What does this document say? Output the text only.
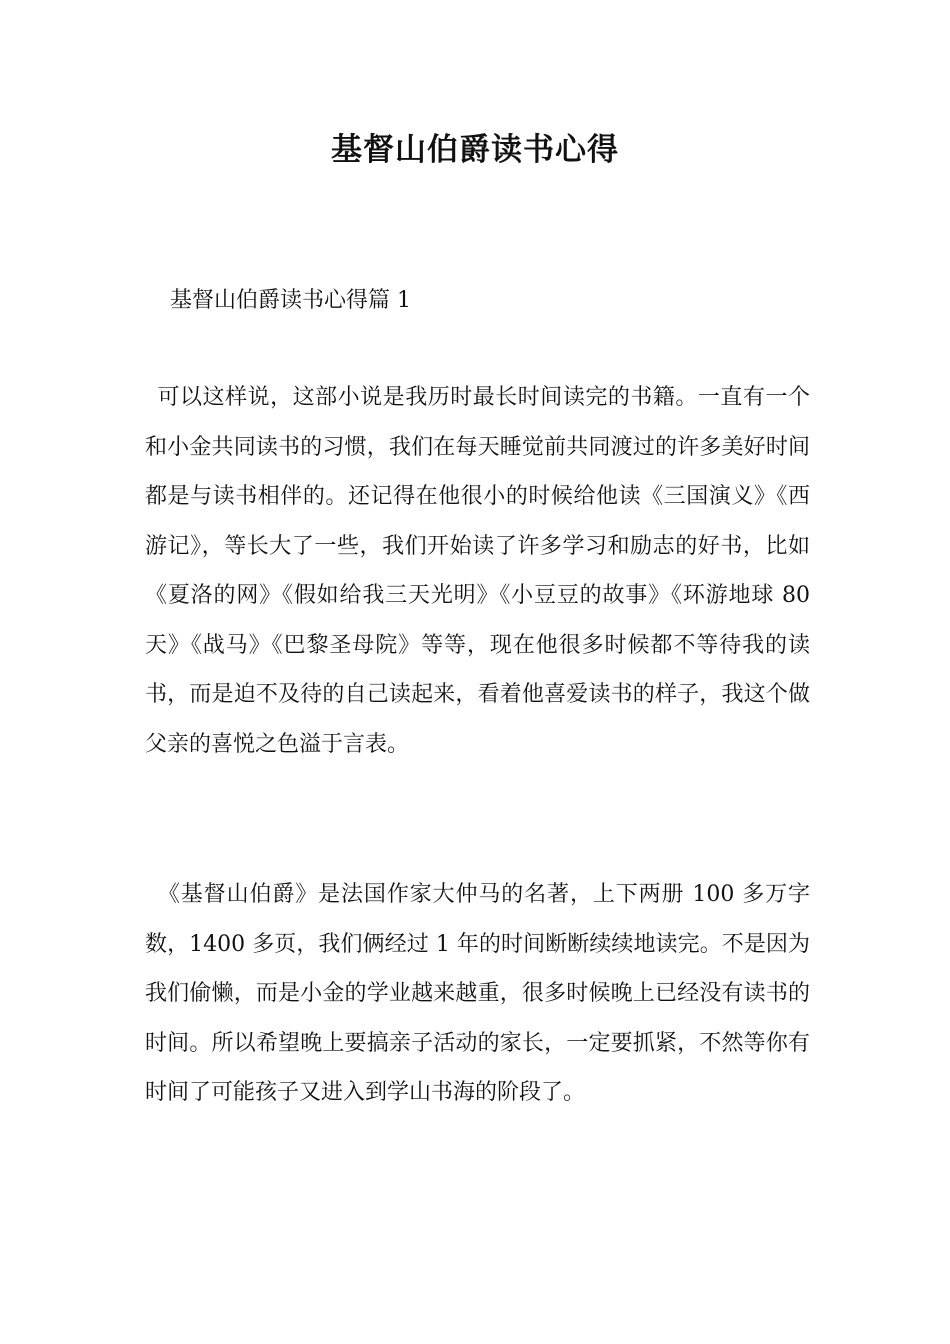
基督山伯爵读书心得

基督山伯爵读书心得篇 1

可以这样说，这部小说是我历时最长时间读完的书籍。一直有一个和小金共同读书的习惯，我们在每天睡觉前共同渡过的许多美好时间都是与读书相伴的。还记得在他很小的时候给他读《三国演义》《西游记》，等长大了一些，我们开始读了许多学习和励志的好书，比如《夏洛的网》《假如给我三天光明》《小豆豆的故事》《环游地球 80 天》《战马》《巴黎圣母院》等等，现在他很多时候都不等待我的读书，而是迫不及待的自己读起来，看着他喜爱读书的样子，我这个做父亲的喜悦之色溢于言表。

《基督山伯爵》是法国作家大仲马的名著，上下两册 100 多万字数，1400 多页，我们俩经过 1 年的时间断断续续地读完。不是因为我们偷懒，而是小金的学业越来越重，很多时候晚上已经没有读书的时间。所以希望晚上要搞亲子活动的家长，一定要抓紧，不然等你有时间了可能孩子又进入到学山书海的阶段了。
